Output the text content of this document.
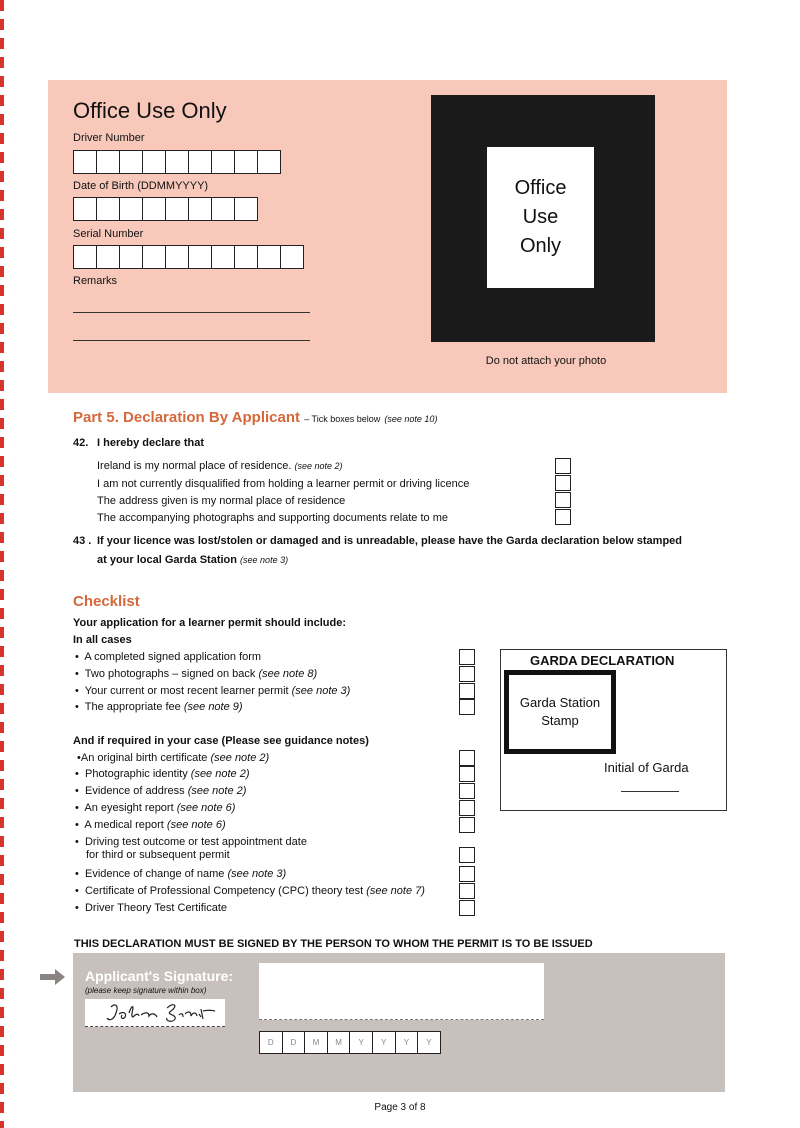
Office Use Only
Driver Number
Date of Birth (DDMMYYYY)
Serial Number
Remarks
Office Use Only
Do not attach your photo
Part 5. Declaration By Applicant – Tick boxes below (see note 10)
42. I hereby declare that
Ireland is my normal place of residence. (see note 2)
I am not currently disqualified from holding a learner permit or driving licence
The address given is my normal place of residence
The accompanying photographs and supporting documents relate to me
43 . If your licence was lost/stolen or damaged and is unreadable, please have the Garda declaration below stamped
at your local Garda Station (see note 3)
Checklist
Your application for a learner permit should include:
In all cases
• A completed signed application form
• Two photographs – signed on back (see note 8)
• Your current or most recent learner permit (see note 3)
• The appropriate fee (see note 9)
And if required in your case (Please see guidance notes)
•An original birth certificate (see note 2)
• Photographic identity (see note 2)
• Evidence of address (see note 2)
• An eyesight report (see note 6)
• A medical report (see note 6)
• Driving test outcome or test appointment date
for third or subsequent permit
• Evidence of change of name (see note 3)
• Certificate of Professional Competency (CPC) theory test (see note 7)
• Driver Theory Test Certificate
GARDA DECLARATION
Garda Station Stamp
Initial of Garda
THIS DECLARATION MUST BE SIGNED BY THE PERSON TO WHOM THE PERMIT IS TO BE ISSUED
Applicant's Signature:
(please keep signature within box)
D	D	M	M	Y	Y	Y	Y
Page 3 of 8
